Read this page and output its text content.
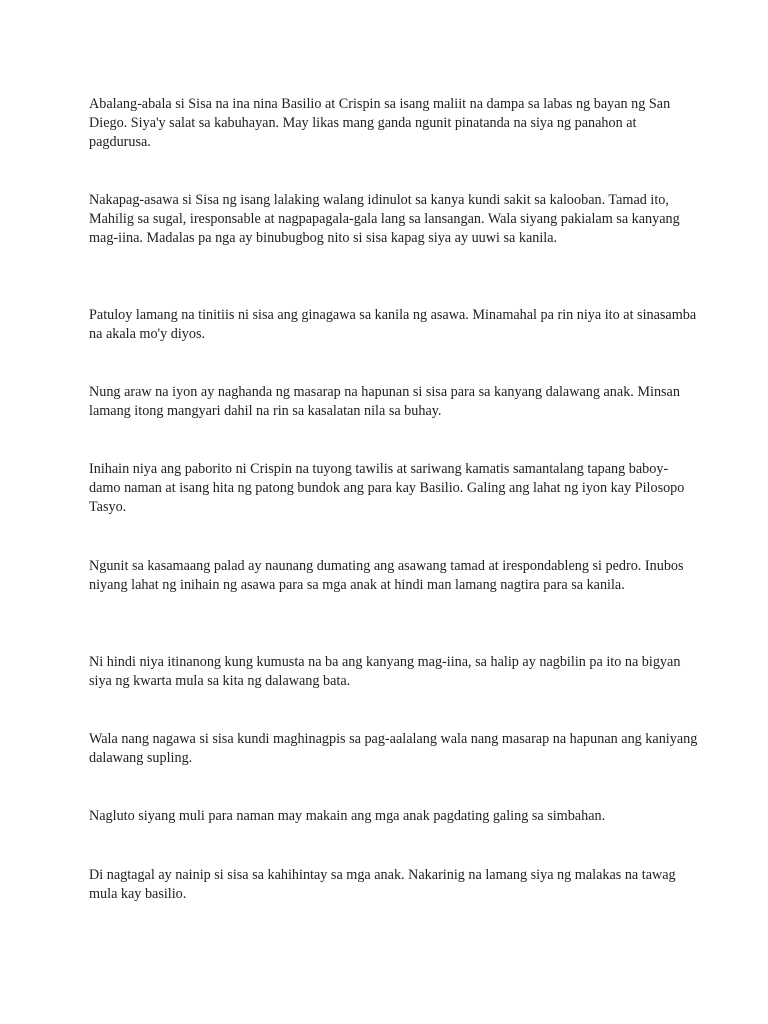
Abalang-abala si Sisa na ina nina Basilio at Crispin sa isang maliit na dampa sa labas ng bayan ng San Diego. Siya'y salat sa kabuhayan. May likas mang ganda ngunit pinatanda na siya ng panahon at pagdurusa.

Nakapag-asawa si Sisa ng isang lalaking walang idinulot sa kanya kundi sakit sa kalooban. Tamad ito, Mahilig sa sugal, iresponsable at nagpapagala-gala lang sa lansangan. Wala siyang pakialam sa kanyang mag-iina. Madalas pa nga ay binubugbog nito si sisa kapag siya ay uuwi sa kanila.

Patuloy lamang na tinitiis ni sisa ang ginagawa sa kanila ng asawa. Minamahal pa rin niya ito at sinasamba na akala mo'y diyos.

Nung araw na iyon ay naghanda ng masarap na hapunan si sisa para sa kanyang dalawang anak. Minsan lamang itong mangyari dahil na rin sa kasalatan nila sa buhay.

Inihain niya ang paborito ni Crispin na tuyong tawilis at sariwang kamatis samantalang tapang baboy-damo naman at isang hita ng patong bundok ang para kay Basilio. Galing ang lahat ng iyon kay Pilosopo Tasyo.

Ngunit sa kasamaang palad ay naunang dumating ang asawang tamad at irespondableng si pedro. Inubos niyang lahat ng inihain ng asawa para sa mga anak at hindi man lamang nagtira para sa kanila.

Ni hindi niya itinanong kung kumusta na ba ang kanyang mag-iina, sa halip ay nagbilin pa ito na bigyan siya ng kwarta mula sa kita ng dalawang bata.

Wala nang nagawa si sisa kundi maghinagpis sa pag-aalalang wala nang masarap na hapunan ang kaniyang dalawang supling.

Nagluto siyang muli para naman may makain ang mga anak pagdating galing sa simbahan.

Di nagtagal ay nainip si sisa sa kahihintay sa mga anak. Nakarinig na lamang siya ng malakas na tawag mula kay basilio.
